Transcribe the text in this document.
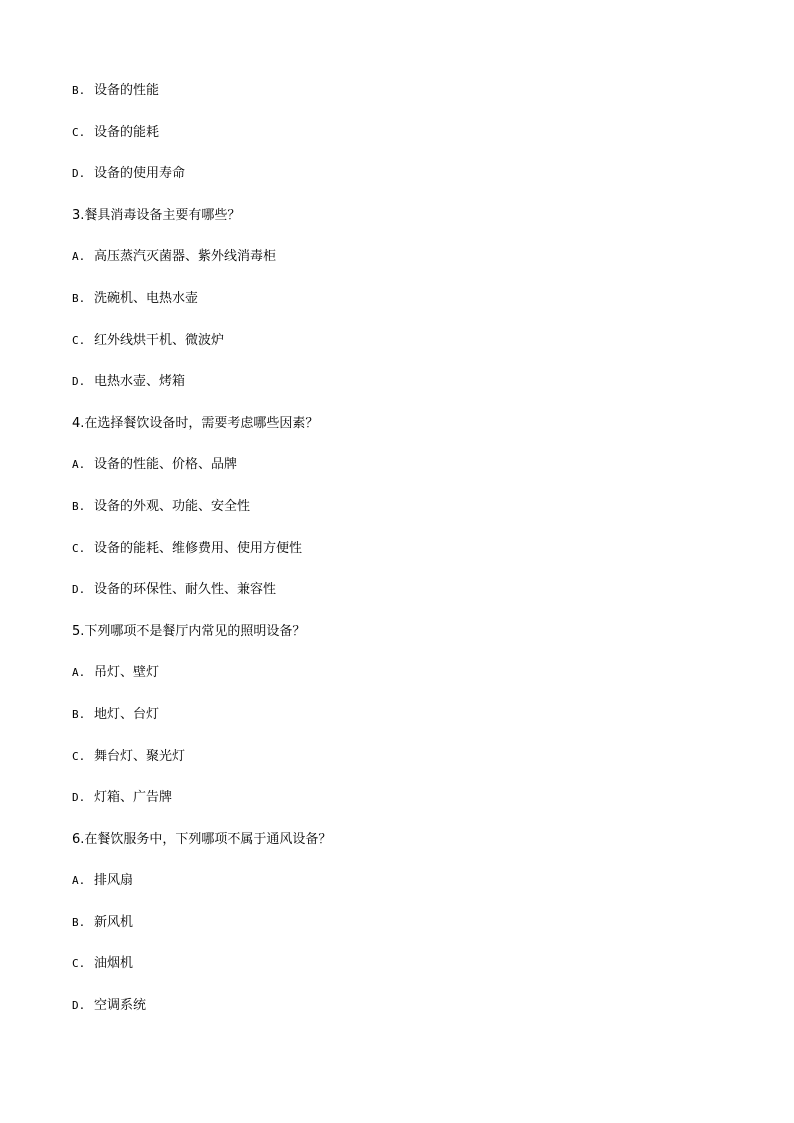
B. 设备的性能
C. 设备的能耗
D. 设备的使用寿命
3.餐具消毒设备主要有哪些？
A. 高压蒸汽灭菌器、紫外线消毒柜
B. 洗碗机、电热水壶
C. 红外线烘干机、微波炉
D. 电热水壶、烤箱
4.在选择餐饮设备时，需要考虑哪些因素？
A. 设备的性能、价格、品牌
B. 设备的外观、功能、安全性
C. 设备的能耗、维修费用、使用方便性
D. 设备的环保性、耐久性、兼容性
5.下列哪项不是餐厅内常见的照明设备？
A. 吊灯、壁灯
B. 地灯、台灯
C. 舞台灯、聚光灯
D. 灯箱、广告牌
6.在餐饮服务中，下列哪项不属于通风设备？
A. 排风扇
B. 新风机
C. 油烟机
D. 空调系统
